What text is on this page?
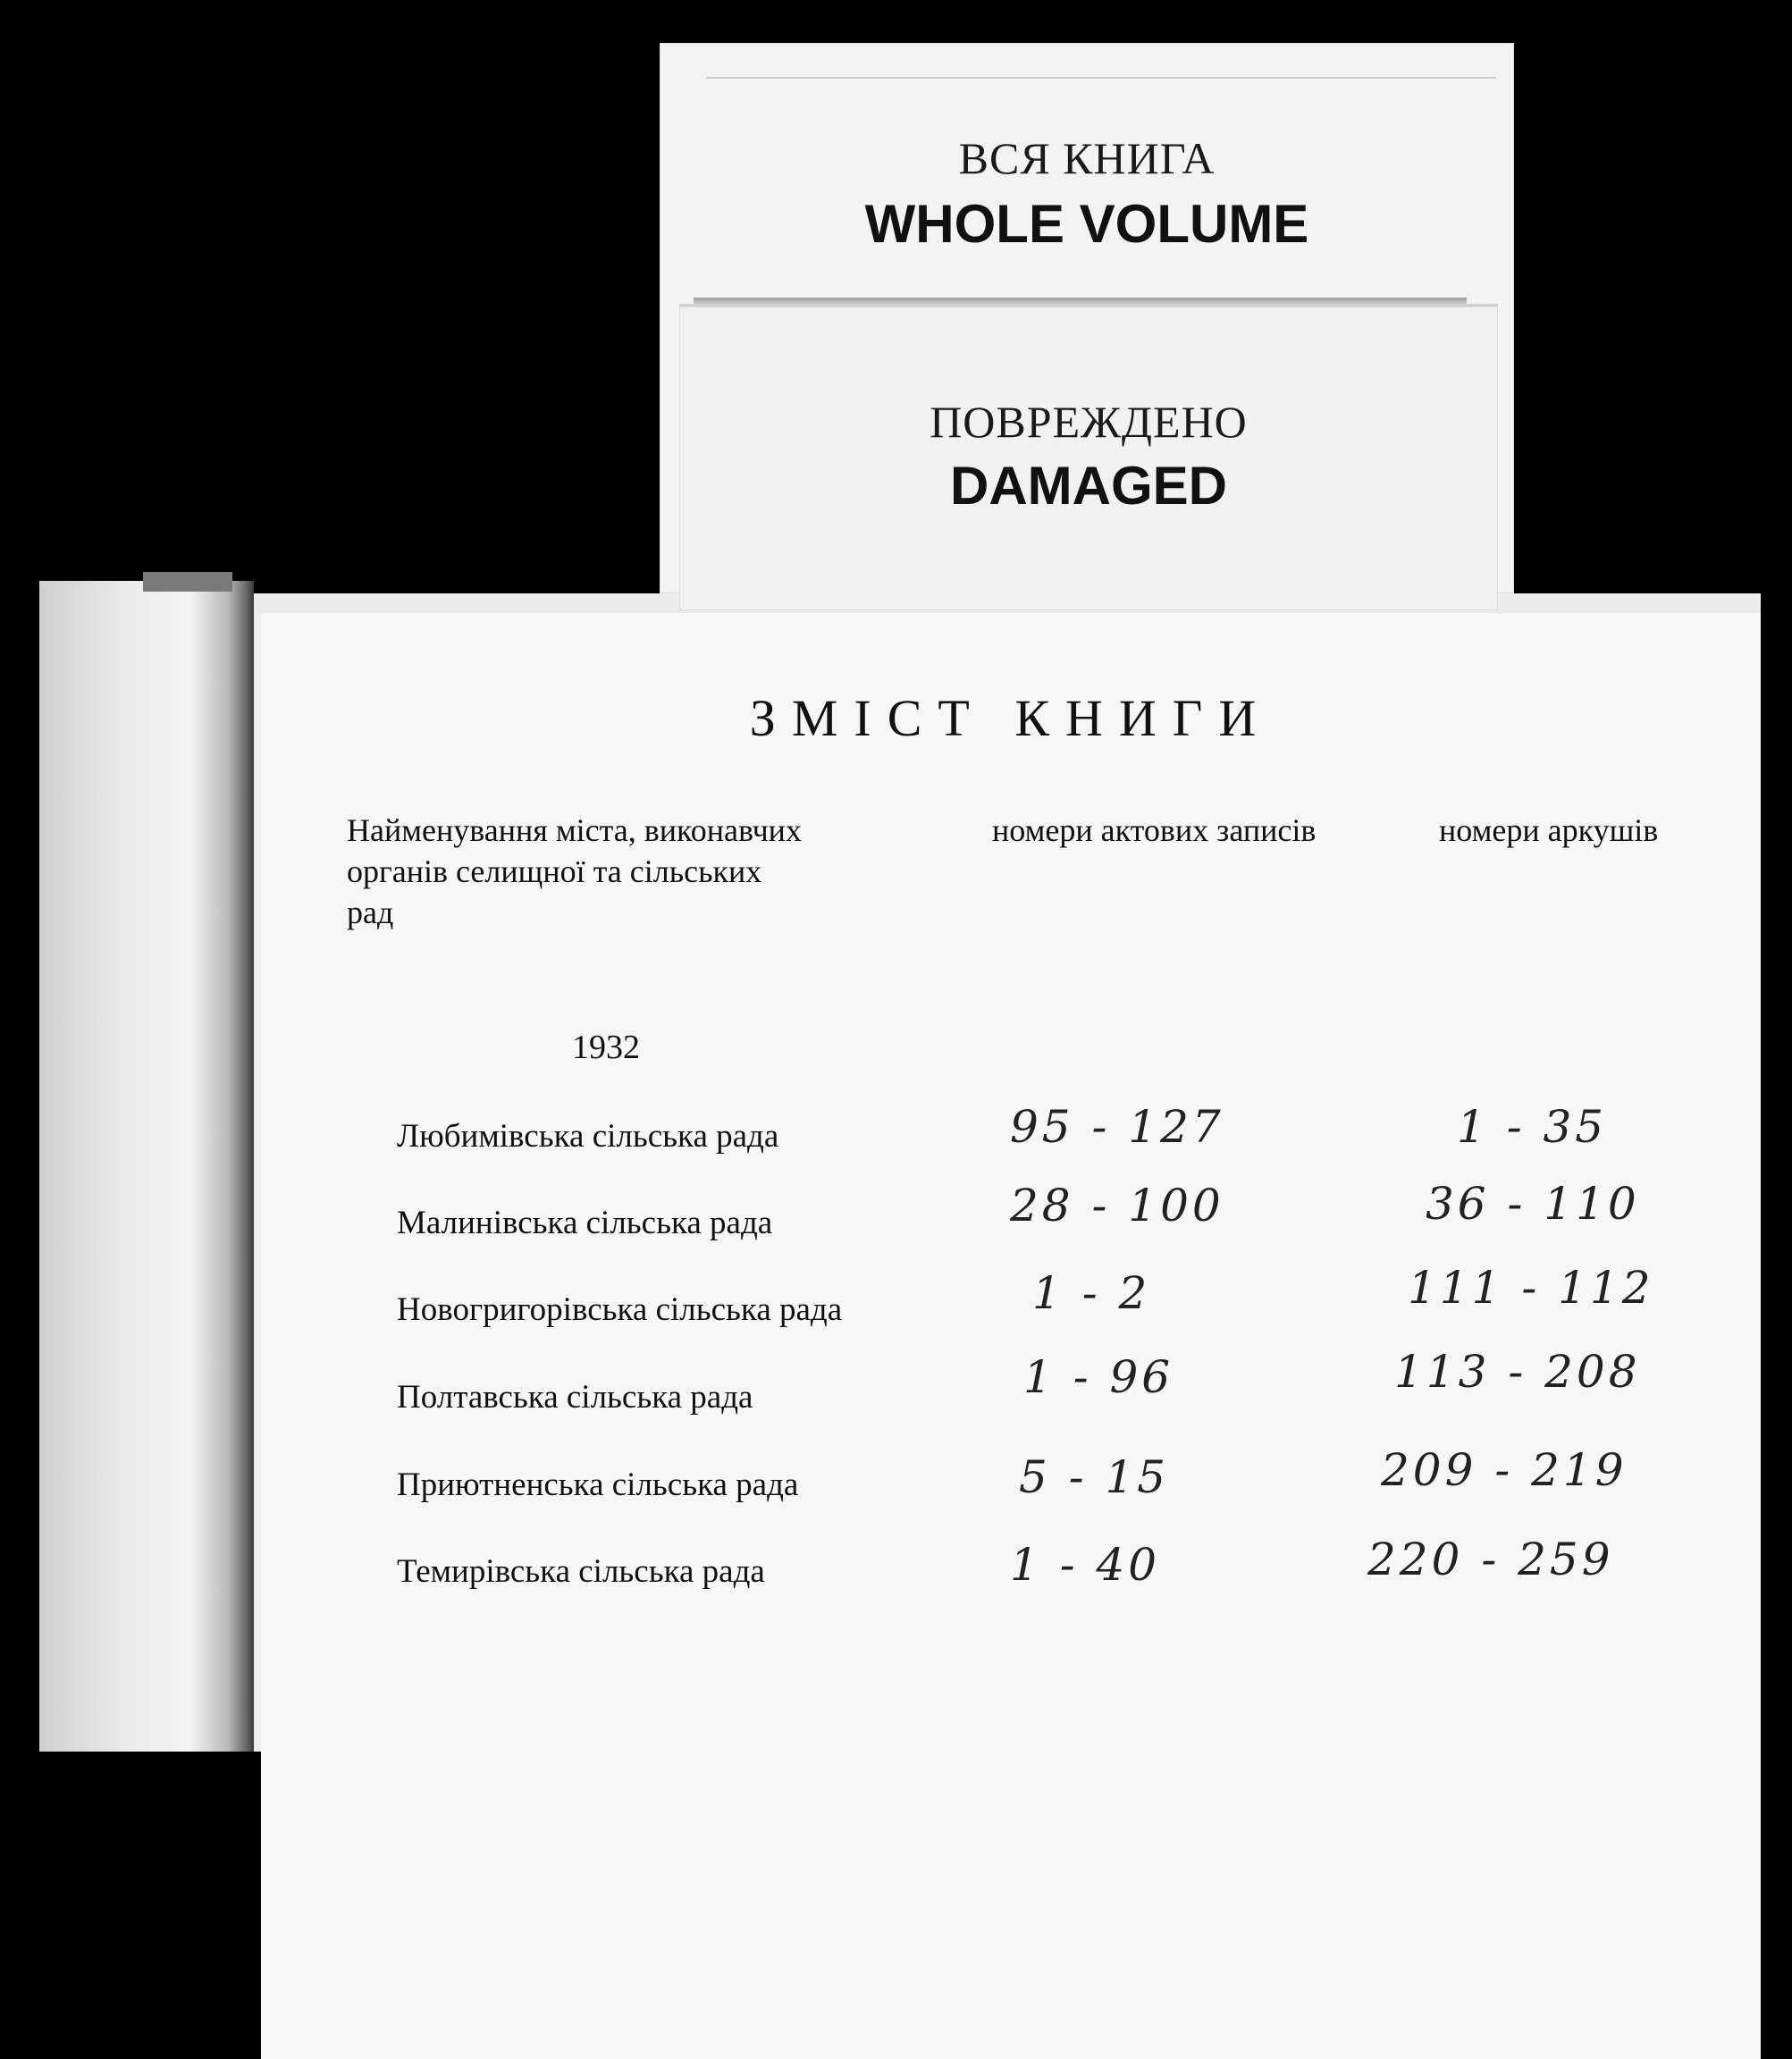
ВСЯ КНИГА
WHOLE VOLUME
ПОВРЕЖДЕНО
DAMAGED
ЗМІСТ КНИГИ
Найменування міста, виконавчих
органів селищної та сільських
рад
номери актових записів	номери аркушів
1932
Любимівська сільська рада	95 - 127	1 - 35
Малинівська сільська рада	28 - 100	36 - 110
Новогригорівська сільська рада	1 - 2	111 - 112
Полтавська сільська рада	1 - 96	113 - 208
Приютненська сільська рада	5 - 15	209 - 219
Темирівська сільська рада	1 - 40	220 - 259
